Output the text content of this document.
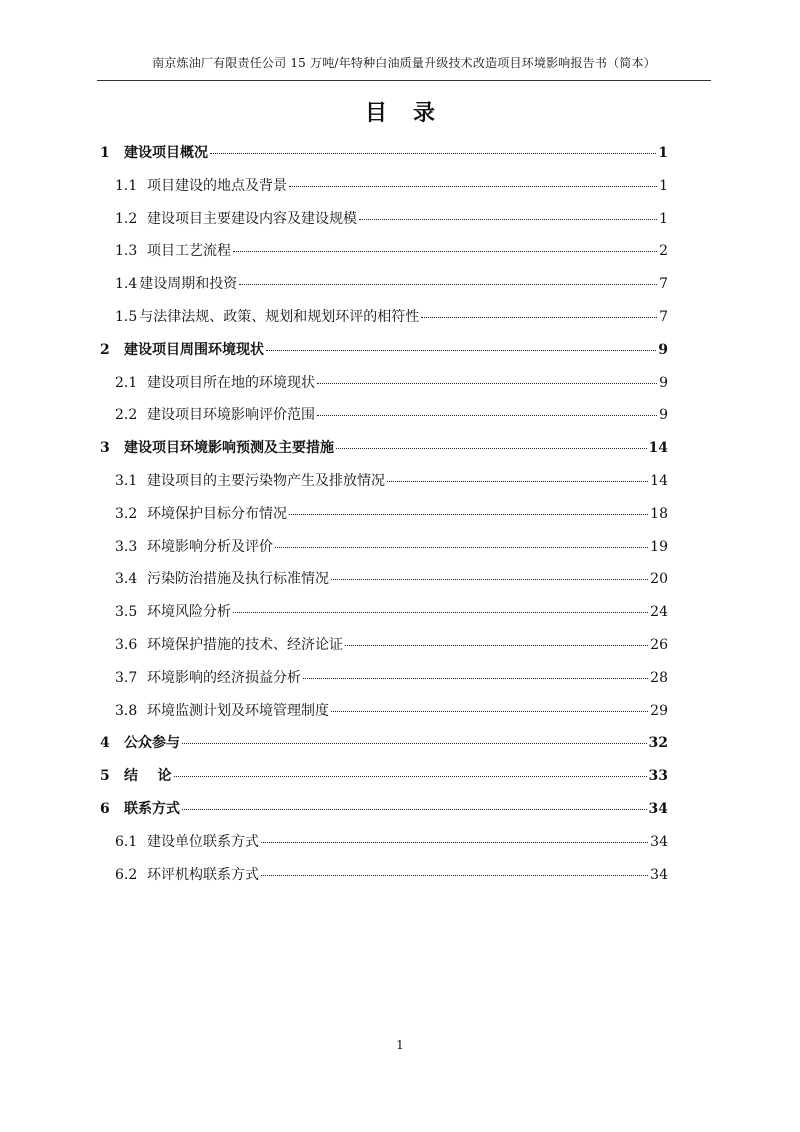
南京炼油厂有限责任公司 15 万吨/年特种白油质量升级技术改造项目环境影响报告书（简本）
目录
1	建设项目概况	1
1.1 项目建设的地点及背景	1
1.2 建设项目主要建设内容及建设规模	1
1.3 项目工艺流程	2
1.4 建设周期和投资	7
1.5 与法律法规、政策、规划和规划环评的相符性	7
2	建设项目周围环境现状	9
2.1 建设项目所在地的环境现状	9
2.2 建设项目环境影响评价范围	9
3	建设项目环境影响预测及主要措施	14
3.1 建设项目的主要污染物产生及排放情况	14
3.2 环境保护目标分布情况	18
3.3 环境影响分析及评价	19
3.4 污染防治措施及执行标准情况	20
3.5 环境风险分析	24
3.6 环境保护措施的技术、经济论证	26
3.7 环境影响的经济损益分析	28
3.8 环境监测计划及环境管理制度	29
4	公众参与	32
5	结    论	33
6	联系方式	34
6.1 建设单位联系方式	34
6.2 环评机构联系方式	34
1
